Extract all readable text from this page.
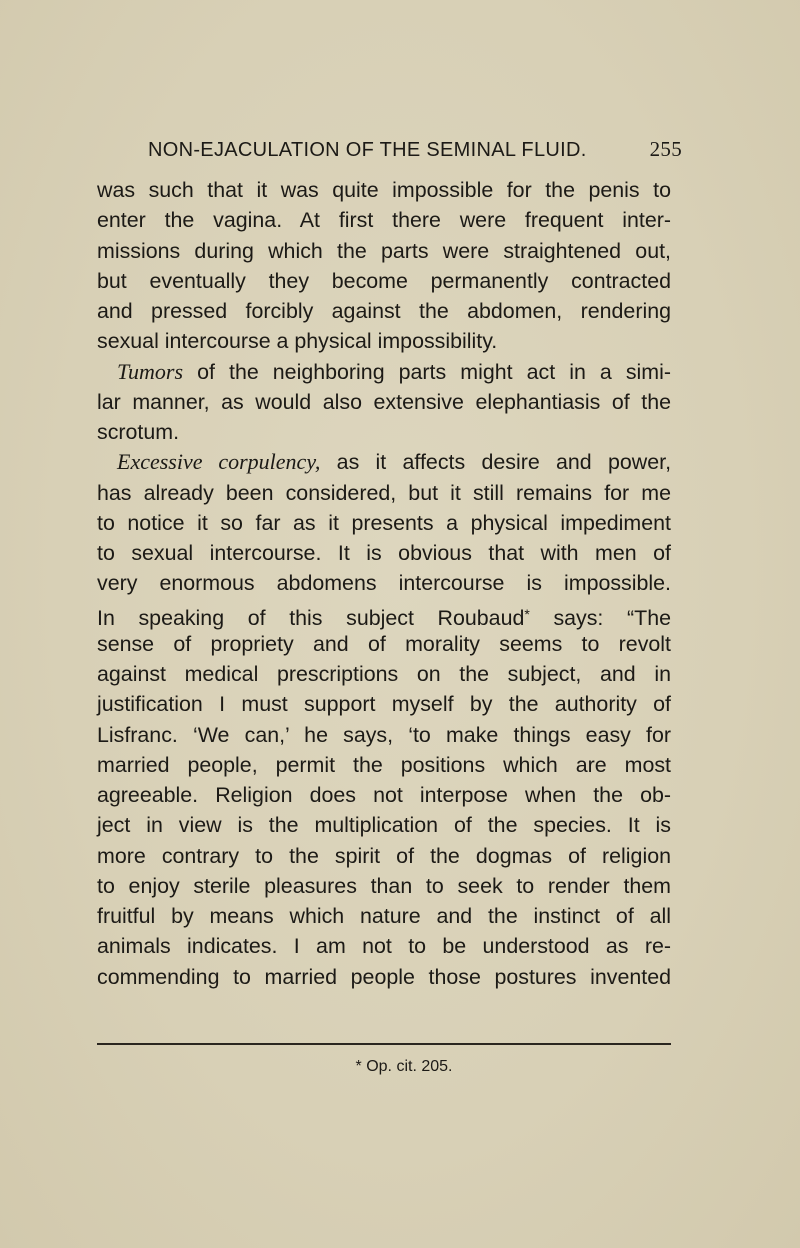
NON-EJACULATION OF THE SEMINAL FLUID.	255
was such that it was quite impossible for the penis to
enter the vagina. At first there were frequent inter-
missions during which the parts were straightened out,
but eventually they become permanently contracted
and pressed forcibly against the abdomen, rendering
sexual intercourse a physical impossibility.
Tumors of the neighboring parts might act in a simi-
lar manner, as would also extensive elephantiasis of the
scrotum.
Excessive corpulency, as it affects desire and power,
has already been considered, but it still remains for me
to notice it so far as it presents a physical impediment
to sexual intercourse. It is obvious that with men of
very enormous abdomens intercourse is impossible.
In speaking of this subject Roubaud* says: “The
sense of propriety and of morality seems to revolt
against medical prescriptions on the subject, and in
justification I must support myself by the authority of
Lisfranc. ‘We can,’ he says, ‘to make things easy for
married people, permit the positions which are most
agreeable. Religion does not interpose when the ob-
ject in view is the multiplication of the species. It is
more contrary to the spirit of the dogmas of religion
to enjoy sterile pleasures than to seek to render them
fruitful by means which nature and the instinct of all
animals indicates. I am not to be understood as re-
commending to married people those postures invented
* Op. cit. 205.
